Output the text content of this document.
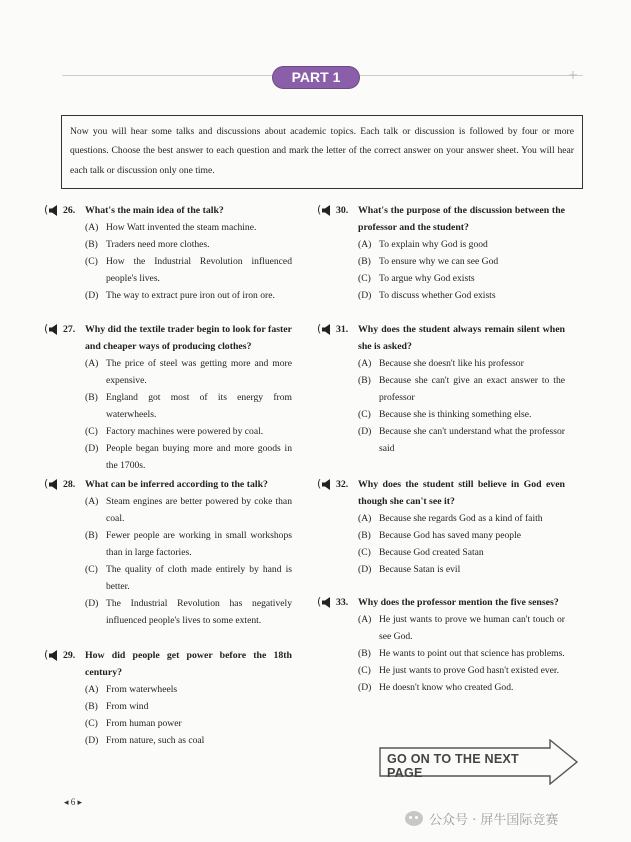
PART 1
Now you will hear some talks and discussions about academic topics. Each talk or discussion is followed by four or more questions. Choose the best answer to each question and mark the letter of the correct answer on your answer sheet. You will hear each talk or discussion only one time.
( 26. What's the main idea of the talk?
(A) How Watt invented the steam machine.
(B) Traders need more clothes.
(C) How the Industrial Revolution influenced people's lives.
(D) The way to extract pure iron out of iron ore.
( 27. Why did the textile trader begin to look for faster and cheaper ways of producing clothes?
(A) The price of steel was getting more and more expensive.
(B) England got most of its energy from waterwheels.
(C) Factory machines were powered by coal.
(D) People began buying more and more goods in the 1700s.
( 28. What can be inferred according to the talk?
(A) Steam engines are better powered by coke than coal.
(B) Fewer people are working in small workshops than in large factories.
(C) The quality of cloth made entirely by hand is better.
(D) The Industrial Revolution has negatively influenced people's lives to some extent.
( 29. How did people get power before the 18th century?
(A) From waterwheels
(B) From wind
(C) From human power
(D) From nature, such as coal
( 30. What's the purpose of the discussion between the professor and the student?
(A) To explain why God is good
(B) To ensure why we can see God
(C) To argue why God exists
(D) To discuss whether God exists
( 31. Why does the student always remain silent when she is asked?
(A) Because she doesn't like his professor
(B) Because she can't give an exact answer to the professor
(C) Because she is thinking something else.
(D) Because she can't understand what the professor said
( 32. Why does the student still believe in God even though she can't see it?
(A) Because she regards God as a kind of faith
(B) Because God has saved many people
(C) Because God created Satan
(D) Because Satan is evil
( 33. Why does the professor mention the five senses?
(A) He just wants to prove we human can't touch or see God.
(B) He wants to point out that science has problems.
(C) He just wants to prove God hasn't existed ever.
(D) He doesn't know who created God.
GO ON TO THE NEXT PAGE
◂ 6 ▸
公众号 · 屏牛国际竞赛
